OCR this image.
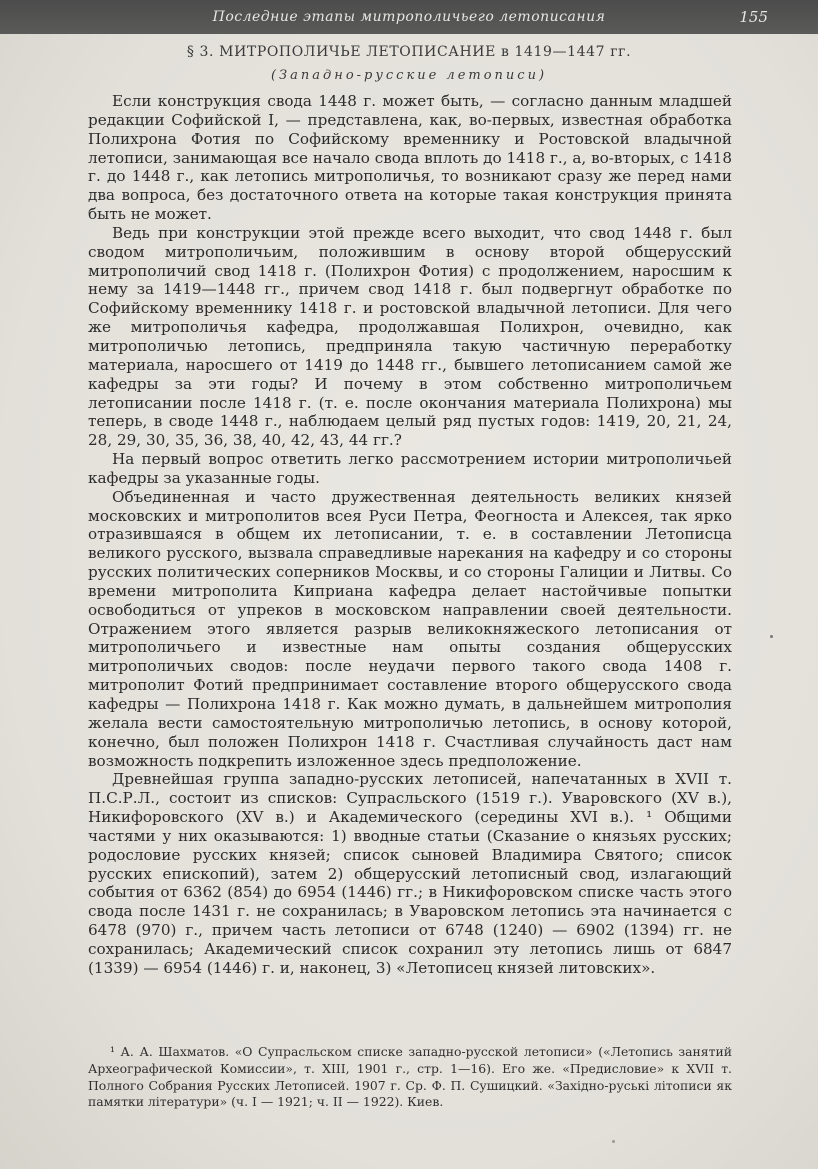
Последние этапы митрополичьего летописания	155
§ 3. МИТРОПОЛИЧЬЕ ЛЕТОПИСАНИЕ в 1419—1447 гг.
(Западно-русские летописи)

Если конструкция свода 1448 г. может быть, — согласно данным младшей редакции Софийской I, — представлена, как, во-первых, известная обработка Полихрона Фотия по Софийскому временнику и Ростовской владычной летописи, занимающая все начало свода вплоть до 1418 г., а, во-вторых, с 1418 г. до 1448 г., как летопись митрополичья, то возникают сразу же перед нами два вопроса, без достаточного ответа на которые такая конструкция принята быть не может.

Ведь при конструкции этой прежде всего выходит, что свод 1448 г. был сводом митрополичьим, положившим в основу второй общерусский митрополичий свод 1418 г. (Полихрон Фотия) с продолжением, наросшим к нему за 1419—1448 гг., причем свод 1418 г. был подвергнут обработке по Софийскому временнику 1418 г. и ростовской владычной летописи. Для чего же митрополичья кафедра, продолжавшая Полихрон, очевидно, как митрополичью летопись, предприняла такую частичную переработку материала, наросшего от 1419 до 1448 гг., бывшего летописанием самой же кафедры за эти годы? И почему в этом собственно митрополичьем летописании после 1418 г. (т. е. после окончания материала Полихрона) мы теперь, в своде 1448 г., наблюдаем целый ряд пустых годов: 1419, 20, 21, 24, 28, 29, 30, 35, 36, 38, 40, 42, 43, 44 гг.?

На первый вопрос ответить легко рассмотрением истории митрополичьей кафедры за указанные годы.

Объединенная и часто дружественная деятельность великих князей московских и митрополитов всея Руси Петра, Феогноста и Алексея, так ярко отразившаяся в общем их летописании, т. е. в составлении Летописца великого русского, вызвала справедливые нарекания на кафедру и со стороны русских политических соперников Москвы, и со стороны Галиции и Литвы. Со времени митрополита Киприана кафедра делает настойчивые попытки освободиться от упреков в московском направлении своей деятельности. Отражением этого является разрыв великокняжеского летописания от митрополичьего и известные нам опыты создания общерусских митрополичьих сводов: после неудачи первого такого свода 1408 г. митрополит Фотий предпринимает составление второго общерусского свода кафедры — Полихрона 1418 г. Как можно думать, в дальнейшем митрополия желала вести самостоятельную митрополичью летопись, в основу которой, конечно, был положен Полихрон 1418 г. Счастливая случайность даст нам возможность подкрепить изложенное здесь предположение.

Древнейшая группа западно-русских летописей, напечатанных в XVII т. П.С.Р.Л., состоит из списков: Супрасльского (1519 г.). Уваровского (XV в.), Никифоровского (XV в.) и Академического (середины XVI в.). ¹ Общими частями у них оказываются: 1) вводные статьи (Сказание о князьях русских; родословие русских князей; список сыновей Владимира Святого; список русских епископий), затем 2) общерусский летописный свод, излагающий события от 6362 (854) до 6954 (1446) гг.; в Никифоровском списке часть этого свода после 1431 г. не сохранилась; в Уваровском летопись эта начинается с 6478 (970) г., причем часть летописи от 6748 (1240) — 6902 (1394) гг. не сохранилась; Академический список сохранил эту летопись лишь от 6847 (1339) — 6954 (1446) г. и, наконец, 3) «Летописец князей литовских».

¹ А. А. Шахматов. «О Супрасльском списке западно-русской летописи» («Летопись занятий Археографической Комиссии», т. XIII, 1901 г., стр. 1—16). Его же. «Предисловие» к XVII т. Полного Собрания Русских Летописей. 1907 г. Ср. Ф. П. Сушицкий. «Західно-руські літописи як памятки літератури» (ч. I — 1921; ч. II — 1922). Киев.
